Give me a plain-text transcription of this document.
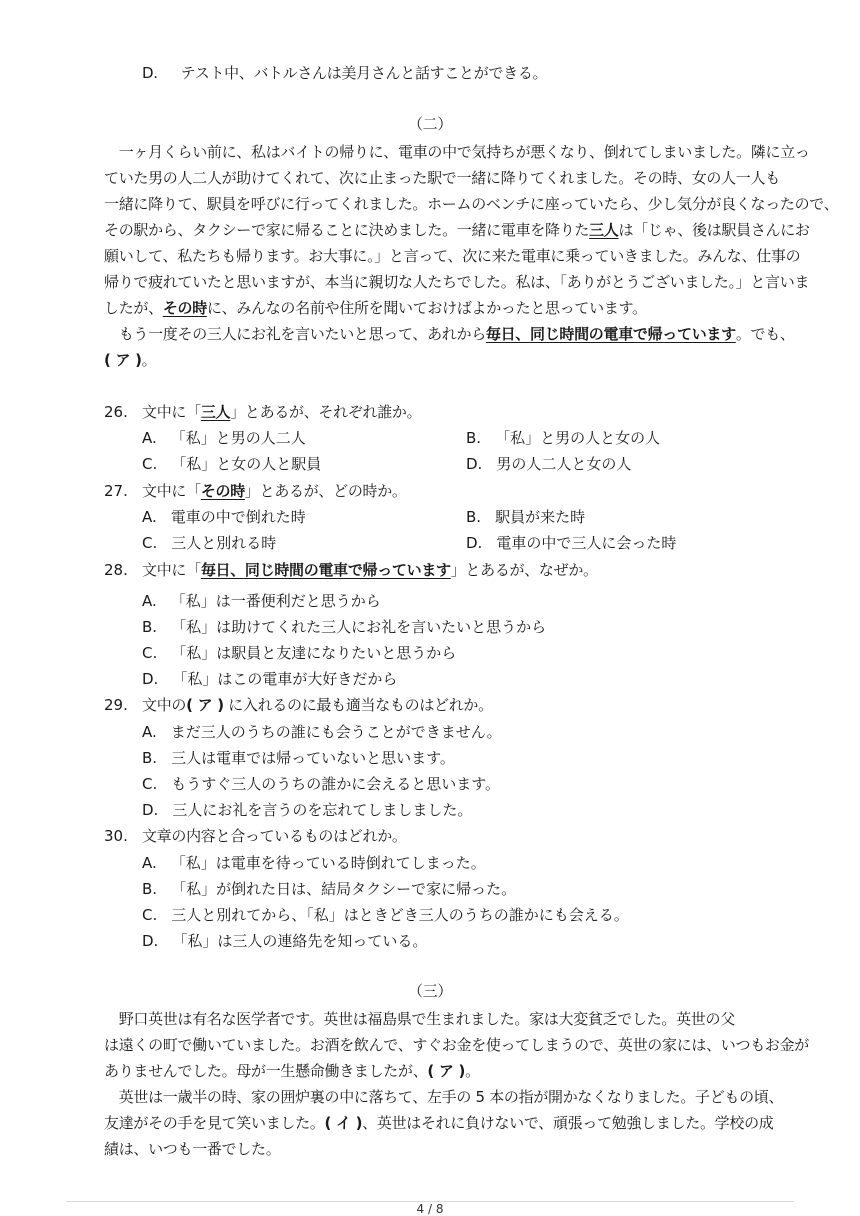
D. テスト中、バトルさんは美月さんと話すことができる。
（二）
　一ヶ月くらい前に、私はバイトの帰りに、電車の中で気持ちが悪くなり、倒れてしまいました。隣に立っ
ていた男の人二人が助けてくれて、次に止まった駅で一緒に降りてくれました。その時、女の人一人も
一緒に降りて、駅員を呼びに行ってくれました。ホームのベンチに座っていたら、少し気分が良くなったので、
その駅から、タクシーで家に帰ることに決めました。一緒に電車を降りた三人は「じゃ、後は駅員さんにお
願いして、私たちも帰ります。お大事に。」と言って、次に来た電車に乗っていきました。みんな、仕事の
帰りで疲れていたと思いますが、本当に親切な人たちでした。私は、「ありがとうございました。」と言いま
したが、その時に、みんなの名前や住所を聞いておけばよかったと思っています。
　もう一度その三人にお礼を言いたいと思って、あれから毎日、同じ時間の電車で帰っています。でも、
( ア )。
26. 文中に「三人」とあるが、それぞれ誰か。
A. 「私」と男の人二人	B. 「私」と男の人と女の人
C. 「私」と女の人と駅員	D. 男の人二人と女の人
27. 文中に「その時」とあるが、どの時か。
A. 電車の中で倒れた時	B. 駅員が来た時
C. 三人と別れる時	D. 電車の中で三人に会った時
28. 文中に「毎日、同じ時間の電車で帰っています」とあるが、なぜか。
A. 「私」は一番便利だと思うから
B. 「私」は助けてくれた三人にお礼を言いたいと思うから
C. 「私」は駅員と友達になりたいと思うから
D. 「私」はこの電車が大好きだから
29. 文中の( ア ) に入れるのに最も適当なものはどれか。
A. まだ三人のうちの誰にも会うことができません。
B. 三人は電車では帰っていないと思います。
C. もうすぐ三人のうちの誰かに会えると思います。
D. 三人にお礼を言うのを忘れてしましました。
30. 文章の内容と合っているものはどれか。
A. 「私」は電車を待っている時倒れてしまった。
B. 「私」が倒れた日は、結局タクシーで家に帰った。
C. 三人と別れてから、「私」はときどき三人のうちの誰かにも会える。
D. 「私」は三人の連絡先を知っている。
（三）
　野口英世は有名な医学者です。英世は福島県で生まれました。家は大変貧乏でした。英世の父
は遠くの町で働いていました。お酒を飲んで、すぐお金を使ってしまうので、英世の家には、いつもお金が
ありませんでした。母が一生懸命働きましたが、( ア )。
　英世は一歳半の時、家の囲炉裏の中に落ちて、左手の 5 本の指が開かなくなりました。子どもの頃、
友達がその手を見て笑いました。( イ )、英世はそれに負けないで、頑張って勉強しました。学校の成
績は、いつも一番でした。
4 / 8
